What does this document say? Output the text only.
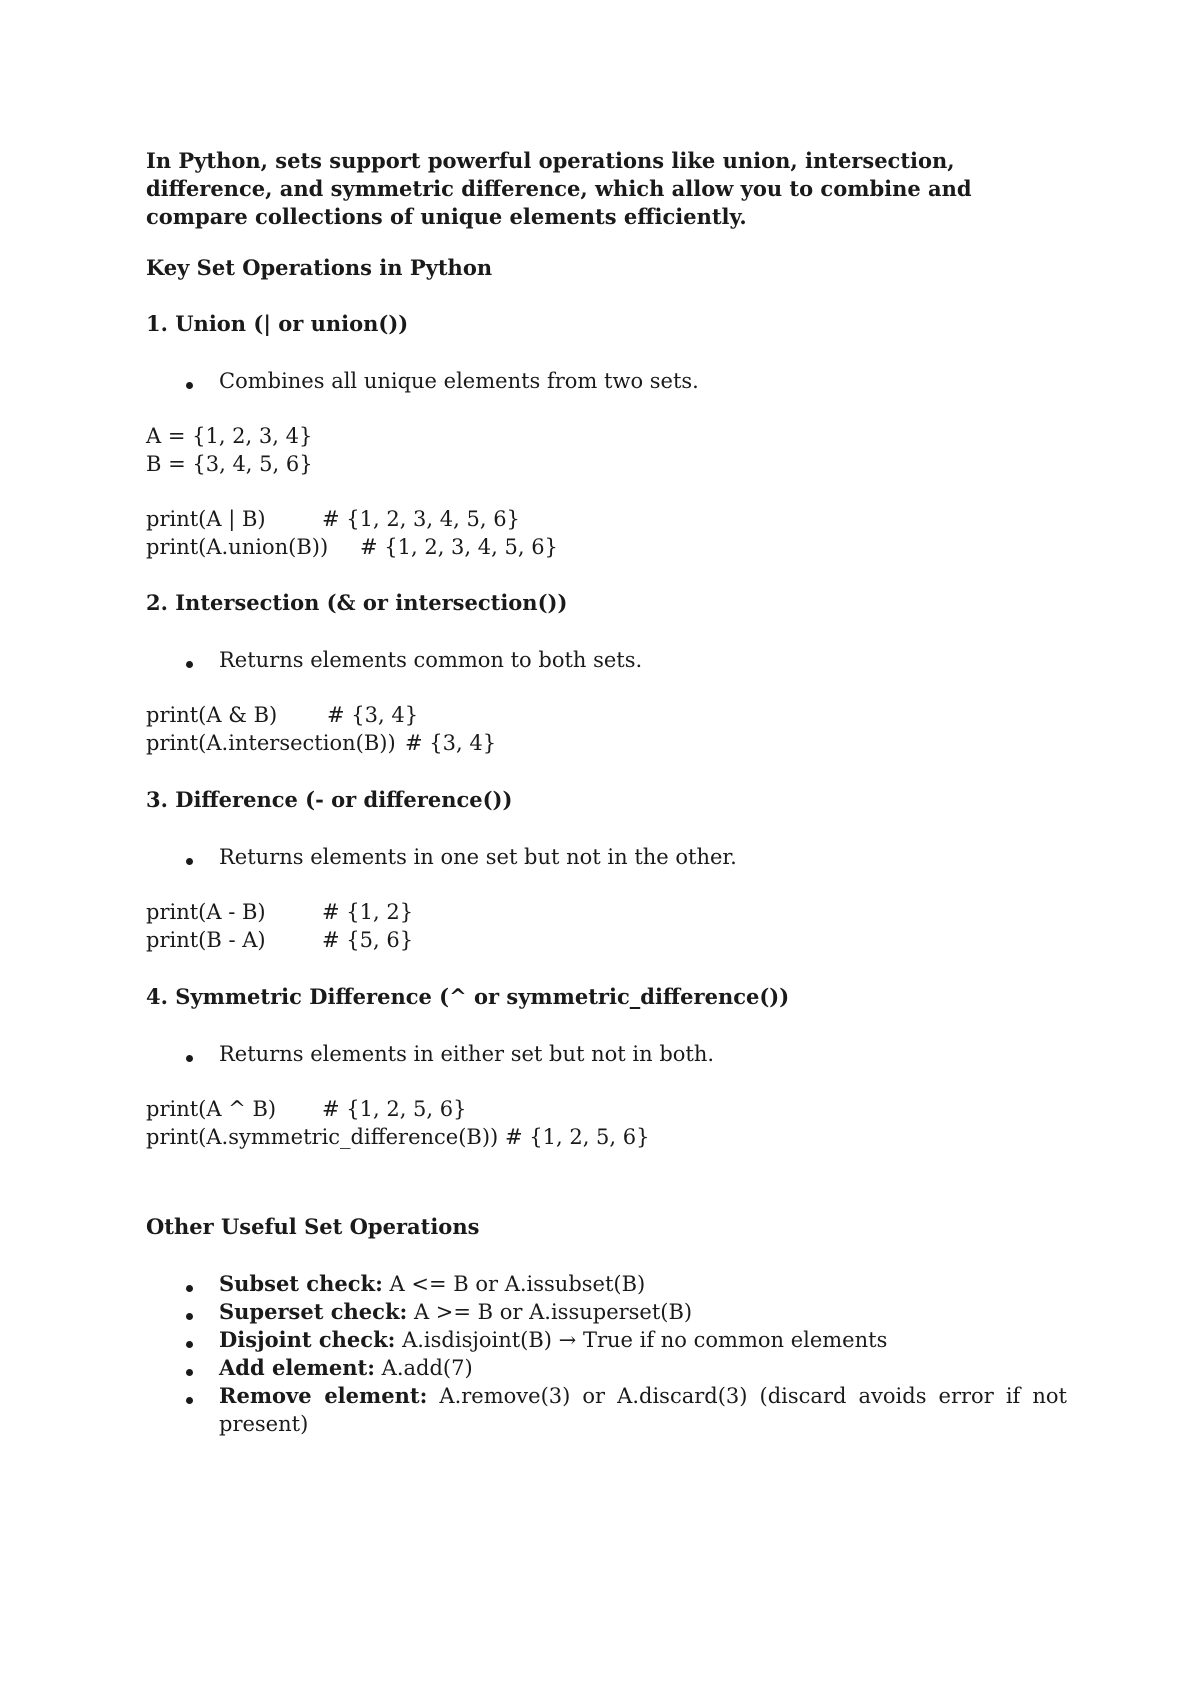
In Python, sets support powerful operations like union, intersection, difference, and symmetric difference, which allow you to combine and compare collections of unique elements efficiently.
Key Set Operations in Python
1. Union (| or union())
Combines all unique elements from two sets.
A = {1, 2, 3, 4}
B = {3, 4, 5, 6}
print(A | B)	# {1, 2, 3, 4, 5, 6}
print(A.union(B)) # {1, 2, 3, 4, 5, 6}
2. Intersection (& or intersection())
Returns elements common to both sets.
print(A & B) # {3, 4}
print(A.intersection(B)) # {3, 4}
3. Difference (- or difference())
Returns elements in one set but not in the other.
print(A - B)	# {1, 2}
print(B - A)	# {5, 6}
4. Symmetric Difference (^ or symmetric_difference())
Returns elements in either set but not in both.
print(A ^ B) # {1, 2, 5, 6}
print(A.symmetric_difference(B)) # {1, 2, 5, 6}
Other Useful Set Operations
Subset check: A <= B or A.issubset(B)
Superset check: A >= B or A.issuperset(B)
Disjoint check: A.isdisjoint(B) → True if no common elements
Add element: A.add(7)
Remove element: A.remove(3) or A.discard(3) (discard avoids error if not present)
